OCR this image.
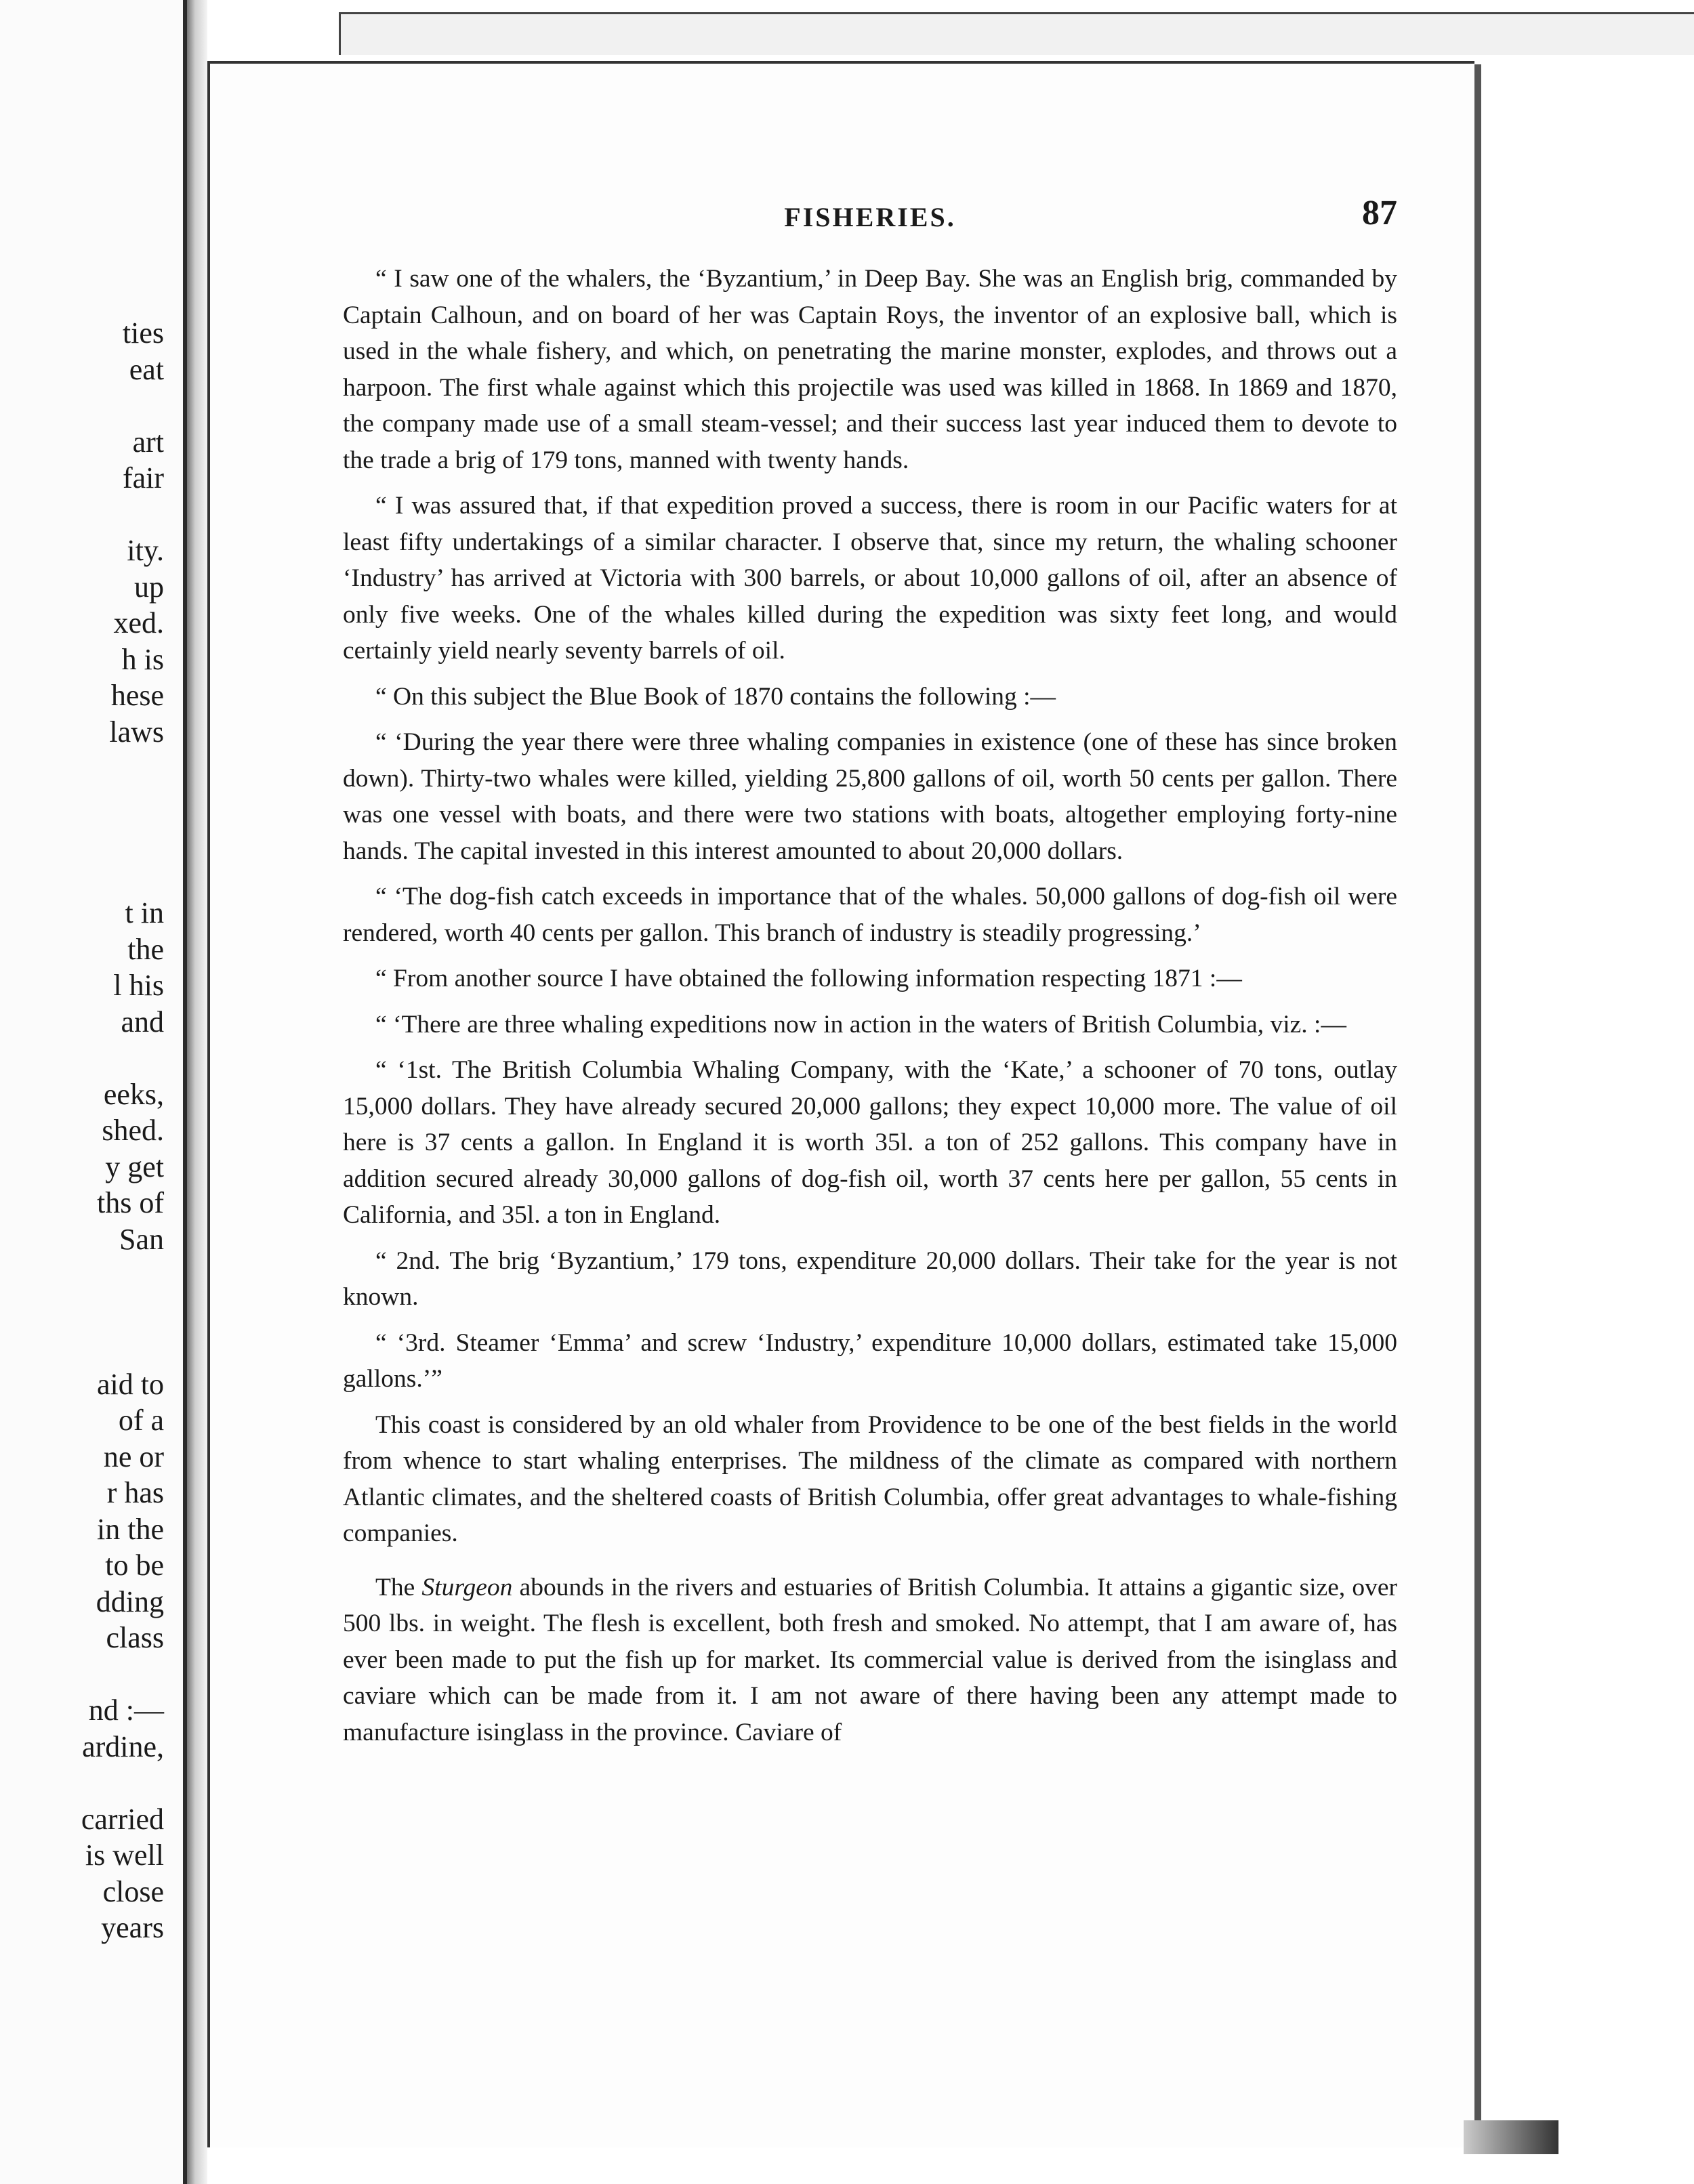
ties
eat
art
fair
ity.
up
xed.
h is
hese
laws
t in
the
l his
and
eeks,
shed.
y get
ths of
San
aid to
of a
ne or
r has
in the
to be
dding
class
nd :—
ardine,
carried
is well
close
years
FISHERIES.	87

“ I saw one of the whalers, the ‘Byzantium,’ in Deep Bay. She was an English brig, commanded by Captain Calhoun, and on board of her was Captain Roys, the inventor of an explosive ball, which is used in the whale fishery, and which, on penetrating the marine monster, explodes, and throws out a harpoon. The first whale against which this projectile was used was killed in 1868. In 1869 and 1870, the company made use of a small steam-vessel; and their success last year induced them to devote to the trade a brig of 179 tons, manned with twenty hands.

“ I was assured that, if that expedition proved a success, there is room in our Pacific waters for at least fifty undertakings of a similar character. I observe that, since my return, the whaling schooner ‘Industry’ has arrived at Victoria with 300 barrels, or about 10,000 gallons of oil, after an absence of only five weeks. One of the whales killed during the expedition was sixty feet long, and would certainly yield nearly seventy barrels of oil.

“ On this subject the Blue Book of 1870 contains the following :—

“ ‘During the year there were three whaling companies in existence (one of these has since broken down). Thirty-two whales were killed, yielding 25,800 gallons of oil, worth 50 cents per gallon. There was one vessel with boats, and there were two stations with boats, altogether employing forty-nine hands. The capital invested in this interest amounted to about 20,000 dollars.

“ ‘The dog-fish catch exceeds in importance that of the whales. 50,000 gallons of dog-fish oil were rendered, worth 40 cents per gallon. This branch of industry is steadily progressing.’

“ From another source I have obtained the following information respecting 1871 :—

“ ‘There are three whaling expeditions now in action in the waters of British Columbia, viz. :—

“ ‘1st. The British Columbia Whaling Company, with the ‘Kate,’ a schooner of 70 tons, outlay 15,000 dollars. They have already secured 20,000 gallons; they expect 10,000 more. The value of oil here is 37 cents a gallon. In England it is worth 35l. a ton of 252 gallons. This company have in addition secured already 30,000 gallons of dog-fish oil, worth 37 cents here per gallon, 55 cents in California, and 35l. a ton in England.

“ 2nd. The brig ‘Byzantium,’ 179 tons, expenditure 20,000 dollars. Their take for the year is not known.

“ ‘3rd. Steamer ‘Emma’ and screw ‘Industry,’ expenditure 10,000 dollars, estimated take 15,000 gallons.’”

This coast is considered by an old whaler from Providence to be one of the best fields in the world from whence to start whaling enterprises. The mildness of the climate as compared with northern Atlantic climates, and the sheltered coasts of British Columbia, offer great advantages to whale-fishing companies.

The Sturgeon abounds in the rivers and estuaries of British Columbia. It attains a gigantic size, over 500 lbs. in weight. The flesh is excellent, both fresh and smoked. No attempt, that I am aware of, has ever been made to put the fish up for market. Its commercial value is derived from the isinglass and caviare which can be made from it. I am not aware of there having been any attempt made to manufacture isinglass in the province. Caviare of
